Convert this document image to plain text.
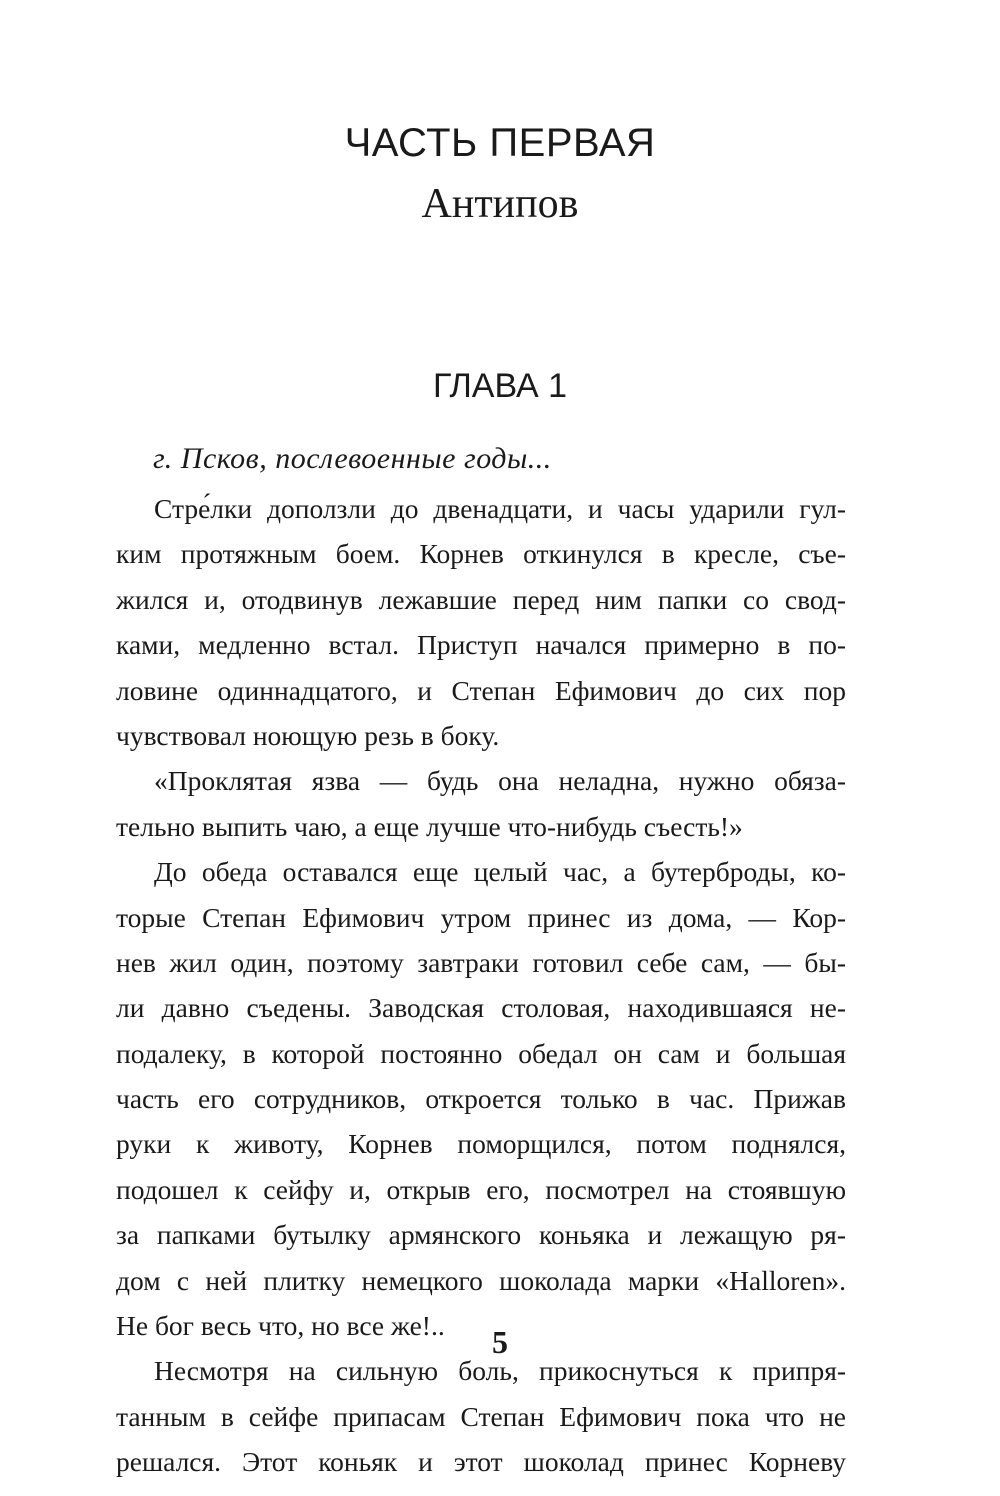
ЧАСТЬ ПЕРВАЯ
Антипов
ГЛАВА 1
г. Псков, послевоенные годы...
Стре́лки доползли до двенадцати, и часы ударили гул-
ким протяжным боем. Корнев откинулся в кресле, съе-
жился и, отодвинув лежавшие перед ним папки со свод-
ками, медленно встал. Приступ начался примерно в по-
ловине одиннадцатого, и Степан Ефимович до сих пор
чувствовал ноющую резь в боку.
«Проклятая язва — будь она неладна, нужно обяза-
тельно выпить чаю, а еще лучше что-нибудь съесть!»
До обеда оставался еще целый час, а бутерброды, ко-
торые Степан Ефимович утром принес из дома, — Кор-
нев жил один, поэтому завтраки готовил себе сам, — бы-
ли давно съедены. Заводская столовая, находившаяся не-
подалеку, в которой постоянно обедал он сам и большая
часть его сотрудников, откроется только в час. Прижав
руки к животу, Корнев поморщился, потом поднялся,
подошел к сейфу и, открыв его, посмотрел на стоявшую
за папками бутылку армянского коньяка и лежащую ря-
дом с ней плитку немецкого шоколада марки «Halloren».
Не бог весь что, но все же!..
Несмотря на сильную боль, прикоснуться к припря-
танным в сейфе припасам Степан Ефимович пока что не
решался. Этот коньяк и этот шоколад принес Корневу
5
